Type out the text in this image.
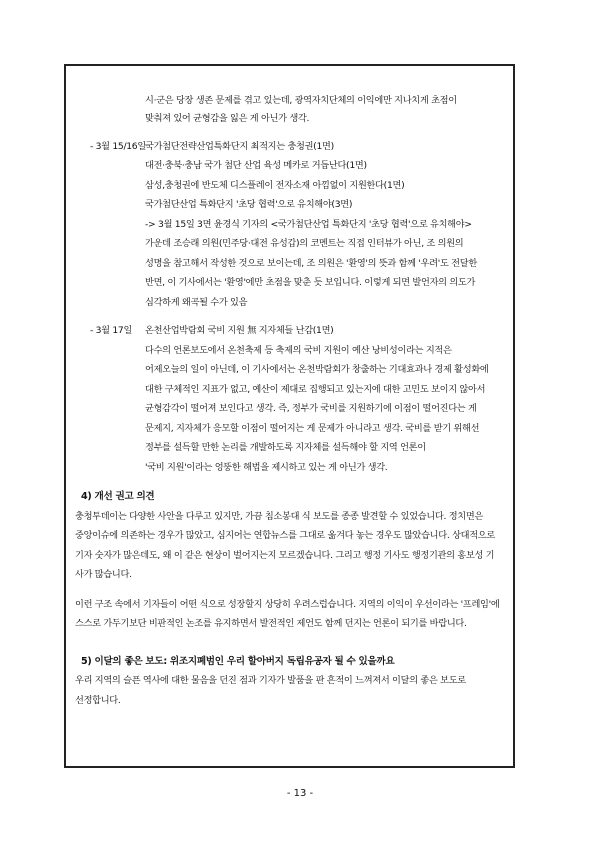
시·군은 당장 생존 문제를 겪고 있는데, 광역자치단체의 이익에만 지나치게 초점이
맞춰져 있어 균형감을 잃은 게 아닌가 생각.
- 3월 15/16일 국가첨단전략산업특화단지 최적지는 충청권(1면)
대전·충북·충남 국가 첨단 산업 육성 메카로 거듭난다(1면)
삼성,충청권에 반도체 디스플레이 전자소재 아낌없이 지원한다(1면)
국가첨단산업 특화단지 '초당 협력'으로 유치해야(3면)
-> 3월 15일 3면 윤경식 기자의 <국가첨단산업 특화단지 '초당 협력'으로 유치해야>
가운데 조승래 의원(민주당·대전 유성갑)의 코멘트는 직접 인터뷰가 아닌, 조 의원의
성명을 참고해서 작성한 것으로 보이는데, 조 의원은 '환영'의 뜻과 함께 '우려'도 전달한
반면, 이 기사에서는 '환영'에만 초점을 맞춘 듯 보입니다. 이렇게 되면 발언자의 의도가
심각하게 왜곡될 수가 있음
- 3월 17일 온천산업박람회 국비 지원 無 지자체들 난감(1면)
다수의 언론보도에서 온천축제 등 축제의 국비 지원이 예산 낭비성이라는 지적은
어제오늘의 일이 아닌데, 이 기사에서는 온천박람회가 창출하는 기대효과나 경제 활성화에
대한 구체적인 지표가 없고, 예산이 제대로 집행되고 있는지에 대한 고민도 보이지 않아서
균형감각이 떨어져 보인다고 생각. 즉, 정부가 국비를 지원하기에 이점이 떨어진다는 게
문제지, 지자체가 응모할 이점이 떨어지는 게 문제가 아니라고 생각. 국비를 받기 위해선
정부를 설득할 만한 논리를 개발하도록 지자체를 설득해야 할 지역 언론이
'국비 지원'이라는 엉뚱한 해법을 제시하고 있는 게 아닌가 생각.
4) 개선 권고 의견
충청투데이는 다양한 사안을 다루고 있지만, 가끔 침소봉대 식 보도를 종종 발견할 수 있었습니다. 정치면은
중앙이슈에 의존하는 경우가 많았고, 심지어는 연합뉴스를 그대로 옮겨다 놓는 경우도 많았습니다. 상대적으로
기자 숫자가 많은데도, 왜 이 같은 현상이 벌어지는지 모르겠습니다. 그리고 행정 기사도 행정기관의 홍보성 기
사가 많습니다.
이런 구조 속에서 기자들이 어떤 식으로 성장할지 상당히 우려스럽습니다. 지역의 이익이 우선이라는 '프레임'에
스스로 가두기보단 비판적인 논조를 유지하면서 발전적인 제언도 함께 던지는 언론이 되기를 바랍니다.
5) 이달의 좋은 보도: 위조지폐범인 우리 할아버지 독립유공자 될 수 있을까요
우리 지역의 슬픈 역사에 대한 물음을 던진 점과 기자가 발품을 판 흔적이 느껴져서 이달의 좋은 보도로
선정합니다.
- 13 -
